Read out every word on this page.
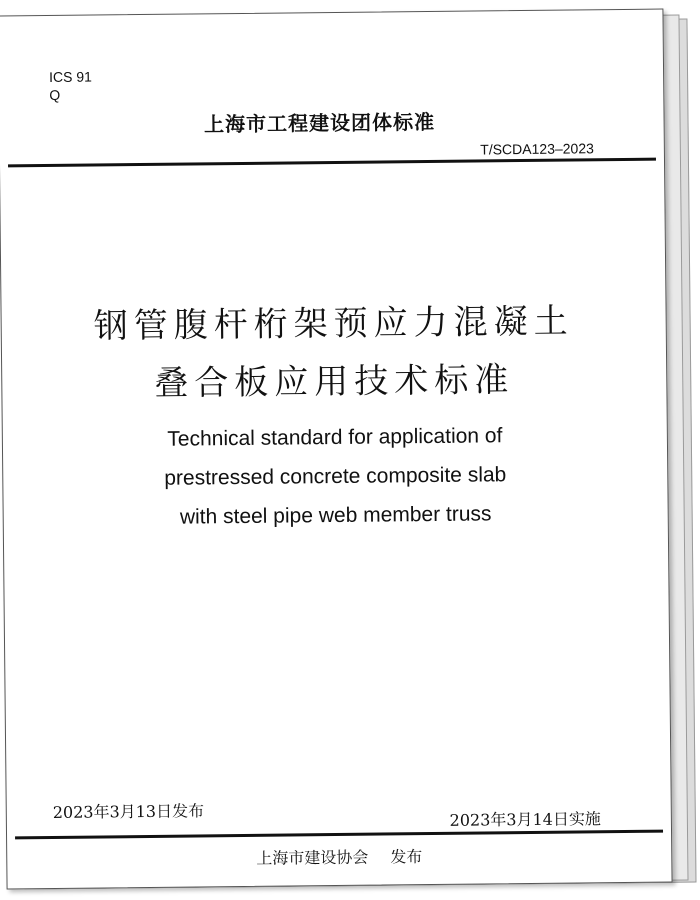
ICS 91
Q
上海市工程建设团体标准
T/SCDA123–2023
钢管腹杆桁架预应力混凝土
叠合板应用技术标准
Technical standard for application of
prestressed concrete composite slab
with steel pipe web member truss
2023年3月13日发布	2023年3月14日实施
上海市建设协会 发布
